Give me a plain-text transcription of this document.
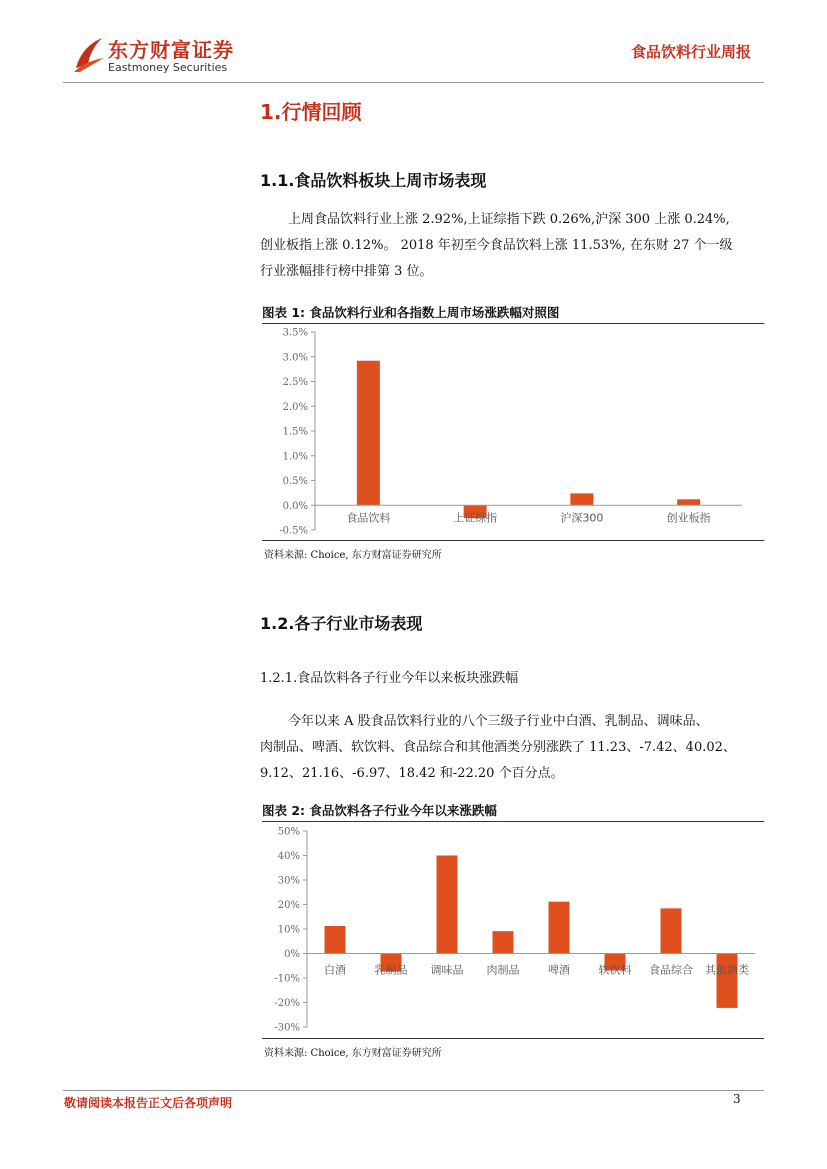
东方财富证券
Eastmoney Securities
食品饮料行业周报
1.行情回顾
1.1.食品饮料板块上周市场表现
上周食品饮料行业上涨 2.92%,上证综指下跌 0.26%,沪深 300 上涨 0.24%,
创业板指上涨 0.12%。 2018 年初至今食品饮料上涨 11.53%, 在东财 27 个一级
行业涨幅排行榜中排第 3 位。
图表 1: 食品饮料行业和各指数上周市场涨跌幅对照图
-0.5%
0.0%
0.5%
1.0%
1.5%
2.0%
2.5%
3.0%
3.5%
食品饮料	上证综指	沪深300	创业板指
资料来源: Choice, 东方财富证券研究所
1.2.各子行业市场表现
1.2.1.食品饮料各子行业今年以来板块涨跌幅
今年以来 A 股食品饮料行业的八个三级子行业中白酒、乳制品、调味品、
肉制品、啤酒、软饮料、食品综合和其他酒类分别涨跌了 11.23、-7.42、40.02、
9.12、21.16、-6.97、18.42 和-22.20 个百分点。
图表 2: 食品饮料各子行业今年以来涨跌幅
-30%
-20%
-10%
0%
10%
20%
30%
40%
50%
白酒	乳制品 调味品 肉制品	啤酒	软饮料 食品综合 其他酒类
资料来源: Choice, 东方财富证券研究所
敬请阅读本报告正文后各项声明	3
